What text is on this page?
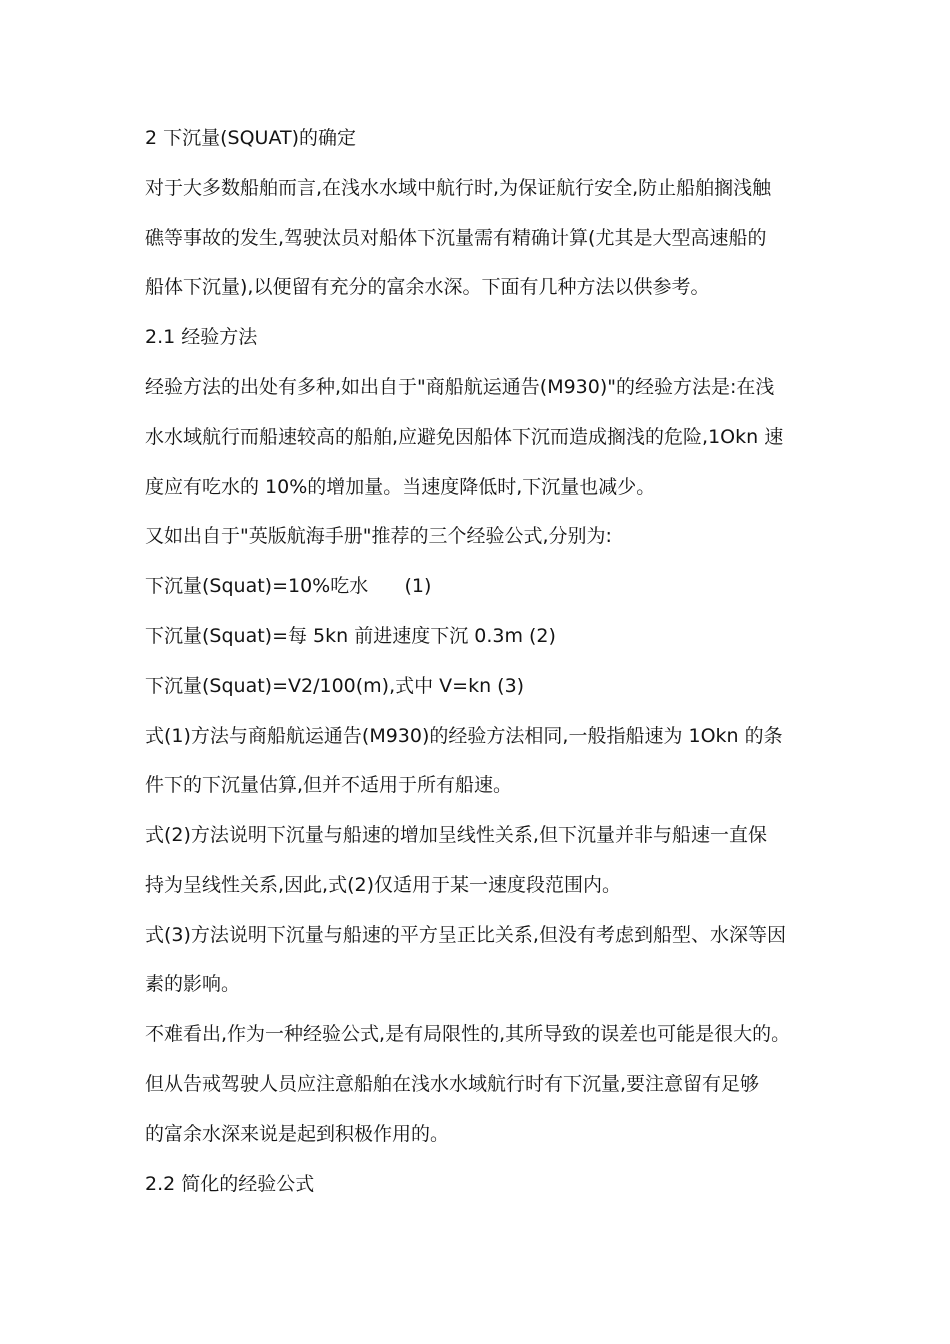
2 下沉量(SQUAT)的确定
对于大多数船舶而言,在浅水水域中航行时,为保证航行安全,防止船舶搁浅触
礁等事故的发生,驾驶汰员对船体下沉量需有精确计算(尤其是大型高速船的
船体下沉量),以便留有充分的富余水深。下面有几种方法以供参考。
2.1 经验方法
经验方法的出处有多种,如出自于"商船航运通告(M930)"的经验方法是:在浅
水水域航行而船速较高的船舶,应避免因船体下沉而造成搁浅的危险,1Okn 速
度应有吃水的 10%的增加量。当速度降低时,下沉量也减少。
又如出自于"英版航海手册"推荐的三个经验公式,分别为:
下沉量(Squat)=10%吃水      (1)
下沉量(Squat)=每 5kn 前进速度下沉 0.3m (2)
下沉量(Squat)=V2/100(m),式中 V=kn (3)
式(1)方法与商船航运通告(M930)的经验方法相同,一般指船速为 1Okn 的条
件下的下沉量估算,但并不适用于所有船速。
式(2)方法说明下沉量与船速的增加呈线性关系,但下沉量并非与船速一直保
持为呈线性关系,因此,式(2)仅适用于某一速度段范围内。
式(3)方法说明下沉量与船速的平方呈正比关系,但没有考虑到船型、水深等因
素的影响。
不难看出,作为一种经验公式,是有局限性的,其所导致的误差也可能是很大的。
但从告戒驾驶人员应注意船舶在浅水水域航行时有下沉量,要注意留有足够
的富余水深来说是起到积极作用的。
2.2 简化的经验公式
